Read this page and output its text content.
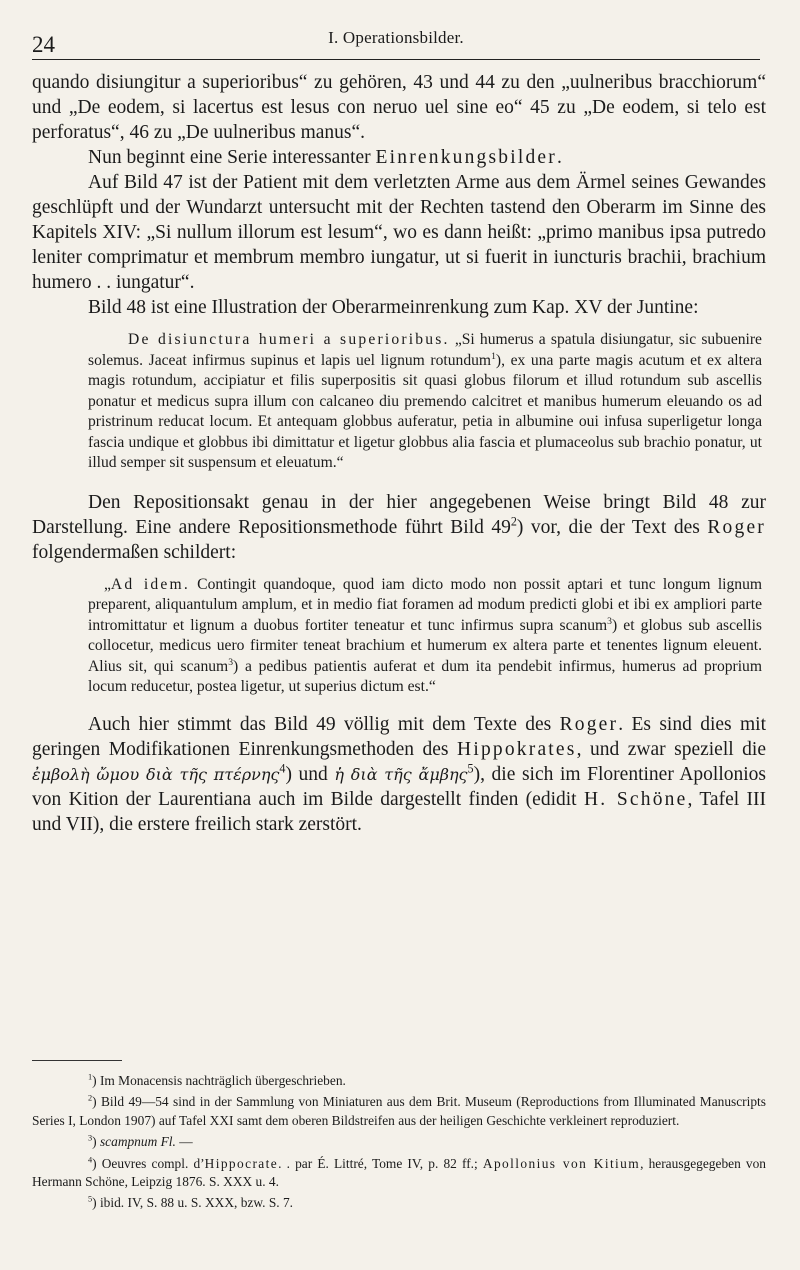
24	I. Operationsbilder.

quando disiungitur a superioribus“ zu gehören, 43 und 44 zu den „uulneribus bracchiorum“ und „De eodem, si lacertus est lesus con neruo uel sine eo“ 45 zu „De eodem, si telo est perforatus“, 46 zu „De uulneribus manus“.

Nun beginnt eine Serie interessanter Einrenkungsbilder.

Auf Bild 47 ist der Patient mit dem verletzten Arme aus dem Ärmel seines Gewandes geschlüpft und der Wundarzt untersucht mit der Rechten tastend den Oberarm im Sinne des Kapitels XIV: „Si nullum illorum est lesum“, wo es dann heißt: „primo manibus ipsa putredo leniter comprimatur et membrum membro iungatur, ut si fuerit in iuncturis brachii, brachium humero . . iungatur“.

Bild 48 ist eine Illustration der Oberarmeinrenkung zum Kap. XV der Juntine:

De disiunctura humeri a superioribus. „Si humerus a spatula disiungatur, sic subuenire solemus. Jaceat infirmus supinus et lapis uel lignum rotundum$^1$), ex una parte magis acutum et ex altera magis rotundum, accipiatur et filis superpositis sit quasi globus filorum et illud rotundum sub ascellis ponatur et medicus supra illum con calcaneo diu premendo calcitret et manibus humerum eleuando os ad pristrinum reducat locum. Et antequam globbus auferatur, petia in albumine oui infusa superligetur longa fascia undique et globbus ibi dimittatur et ligetur globbus alia fascia et plumaceolus sub brachio ponatur, ut illud semper sit suspensum et eleuatum.“

Den Repositionsakt genau in der hier angegebenen Weise bringt Bild 48 zur Darstellung. Eine andere Repositionsmethode führt Bild $49^2$) vor, die der Text des Roger folgendermaßen schildert:

„Ad idem. Contingit quandoque, quod iam dicto modo non possit aptari et tunc longum lignum preparent, aliquantulum amplum, et in medio fiat foramen ad modum predicti globi et ibi ex ampliori parte intromittatur et lignum a duobus fortiter teneatur et tunc infirmus supra scanum$^3$) et globus sub ascellis collocetur, medicus uero firmiter teneat brachium et humerum ex altera parte et tenentes lignum eleuent. Alius sit, qui scanum$^3$) a pedibus patientis auferat et dum ita pendebit infirmus, humerus ad proprium locum reducetur, postea ligetur, ut superius dictum est.“

Auch hier stimmt das Bild 49 völlig mit dem Texte des Roger. Es sind dies mit geringen Modifikationen Einrenkungsmethoden des Hippokrates, und zwar speziell die ἐμβολὴ ὤμου διὰ τῆς πτέρνης$^4$) und ἡ διὰ τῆς ἄμβης$^5$), die sich im Florentiner Apollonios von Kition der Laurentiana auch im Bilde dargestellt finden (edidit H. Schöne, Tafel III und VII), die erstere freilich stark zerstört.

$^1$) Im Monacensis nachträglich übergeschrieben.

$^2$) Bild 49—54 sind in der Sammlung von Miniaturen aus dem Brit. Museum (Reproductions from Illuminated Manuscripts Series I, London 1907) auf Tafel XXI samt dem oberen Bildstreifen aus der heiligen Geschichte verkleinert reproduziert.

$^3$) scampnum Fl. —

$^4$) Oeuvres compl. d’Hippocrate. . par É. Littré, Tome IV, p. 82 ff.; Apollonius von Kitium, herausgegegeben von Hermann Schöne, Leipzig 1876. S. XXX u. 4.

$^5$) ibid. IV, S. 88 u. S. XXX, bzw. S. 7.
